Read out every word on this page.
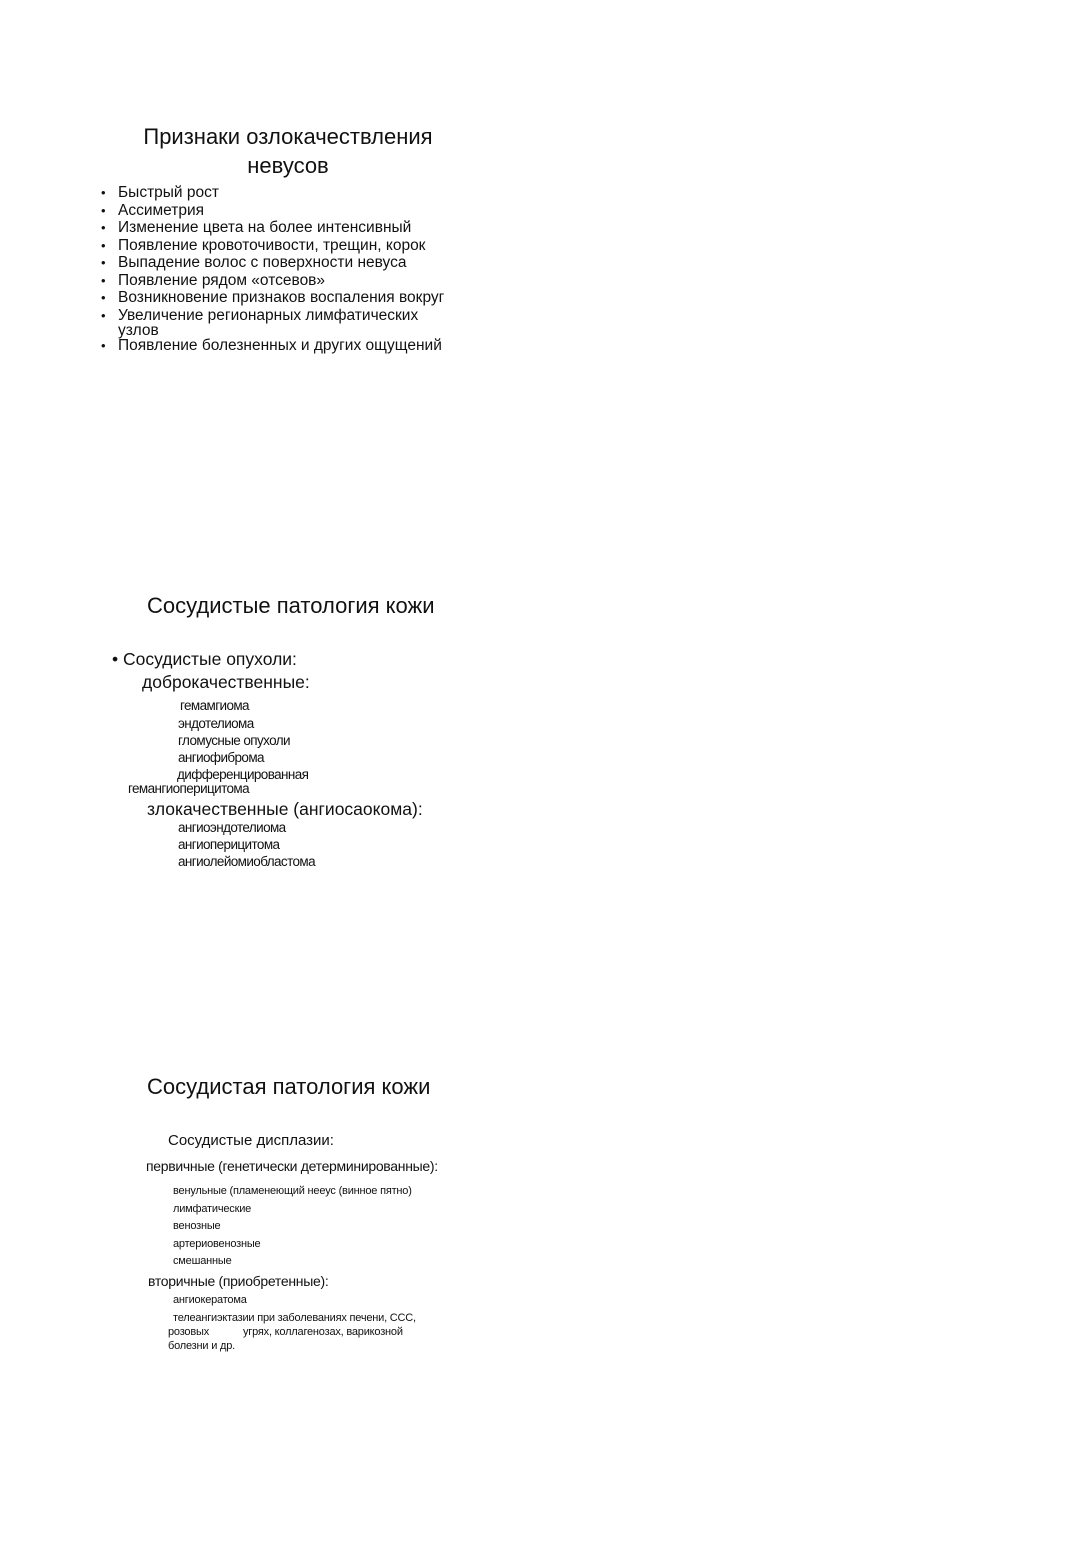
Признаки озлокачествления
невусов
• Быстрый рост
• Ассиметрия
• Изменение цвета на более интенсивный
• Появление кровоточивости, трещин, корок
• Выпадение волос с поверхности невуса
• Появление рядом «отсевов»
• Возникновение признаков воспаления вокруг
• Увеличение регионарных лимфатических
узлов
• Появление болезненных и других ощущений
Сосудистые патология кожи
• Сосудистые опухоли:
доброкачественные:
гемамгиома
эндотелиома
гломусные опухоли
ангиофиброма
дифференцированная
гемангиоперицитома
злокачественные (ангиосаокома):
ангиоэндотелиома
ангиоперицитома
ангиолейомиобластома
Сосудистая патология кожи
Сосудистые дисплазии:
первичные (генетически детерминированные):
венульные (пламенеющий неeус (винное пятно)
лимфатические
венозные
артериовенозные
смешанные
вторичные (приобретенные):
ангиокератома
телеангиэктазии при заболеваниях печени, ССС,
розовых	угрях, коллагенозах, варикозной
болезни и др.
